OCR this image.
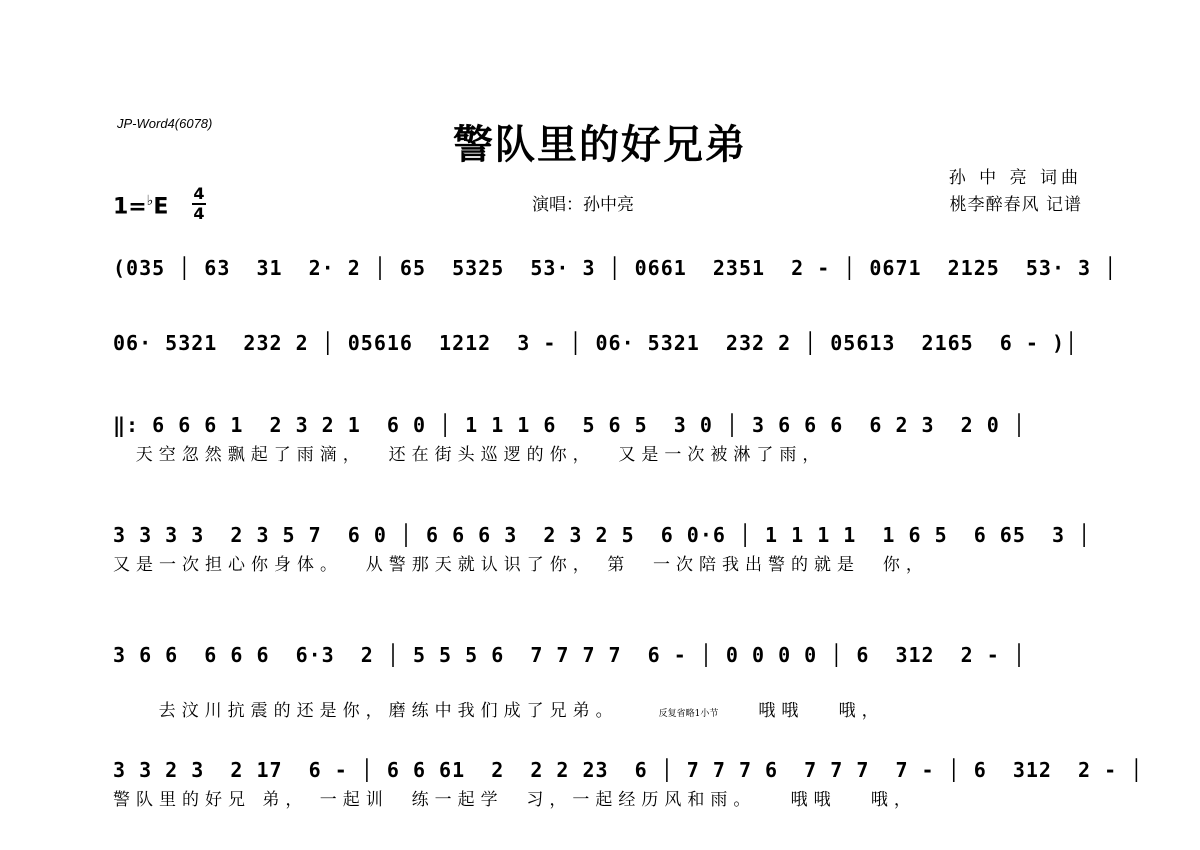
JP-Word4(6078)	警队里的好兄弟
孙 中 亮 词曲
桃李醉春风 记谱
演唱：孙中亮
1=♭E
4
4
(035 │ 63  31  2· 2 │ 65  5325  53· 3 │ 0661  2351  2 - │ 0671  2125  53· 3 │
06· 5321  232 2 │ 05616  1212  3 - │ 06· 5321  232 2 │ 05613  2165  6 - )│
‖: 6 6 6 1  2 3 2 1  6 0 │ 1 1 1 6  5 6 5  3 0 │ 3 6 6 6  6 2 3  2 0 │
天空忽然飘起了雨滴，  还在街头巡逻的你，  又是一次被淋了雨，
3 3 3 3  2 3 5 7  6 0 │ 6 6 6 3  2 3 2 5  6 0·6 │ 1 1 1 1  1 6 5  6 65  3 │
又是一次担心你身体。  从警那天就认识了你， 第  一次陪我出警的就是  你，
3 6 6  6 6 6  6·3  2 │ 5 5 5 6  7 7 7 7  6 - │ 0 0 0 0 │ 6  312  2 - │

去汶川抗震的还是你，磨练中我们成了兄弟。	反复省略1小节 哦哦   哦，

3 3 2 3  2 17  6 - │ 6 6 61  2  2 2 23  6 │ 7 7 7 6  7 7 7  7 - │ 6  312  2 - │
警队里的好兄 弟， 一起训  练一起学  习，一起经历风和雨。   哦哦   哦，
